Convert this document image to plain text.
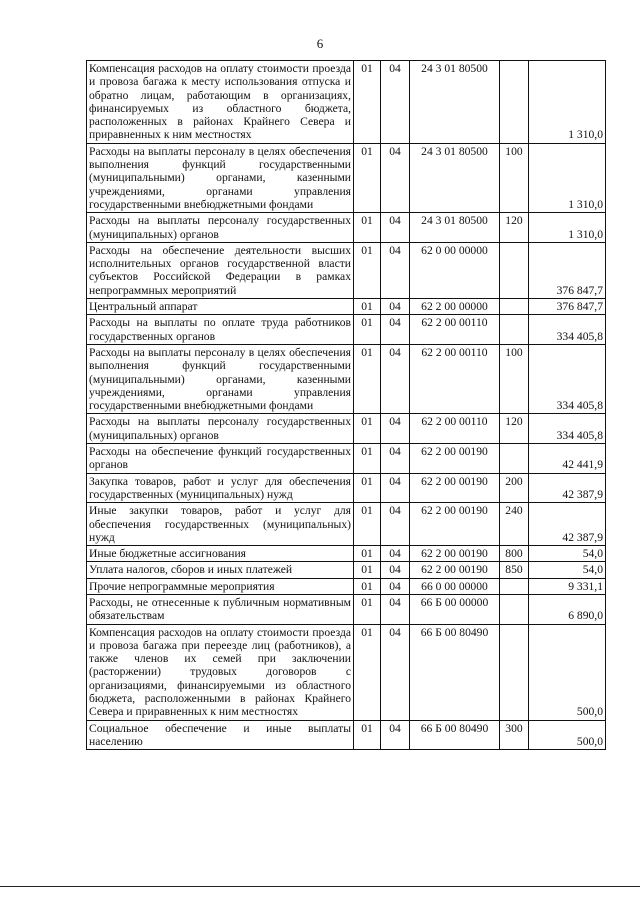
6
Компенсация расходов на оплату стоимости проезда и провоза багажа к месту использования отпуска и обратно лицам, работающим в организациях, финансируемых из областного бюджета, расположенных в районах Крайнего Севера и приравненных к ним местностях	01	04	24 3 01 80500		1 310,0
Расходы на выплаты персоналу в целях обеспечения выполнения функций государственными (муниципальными) органами, казенными учреждениями, органами управления государственными внебюджетными фондами	01	04	24 3 01 80500	100	1 310,0
Расходы на выплаты персоналу государственных (муниципальных) органов	01	04	24 3 01 80500	120	1 310,0
Расходы на обеспечение деятельности высших исполнительных органов государственной власти субъектов Российской Федерации в рамках непрограммных мероприятий	01	04	62 0 00 00000		376 847,7
Центральный аппарат	01	04	62 2 00 00000		376 847,7
Расходы на выплаты по оплате труда работников государственных органов	01	04	62 2 00 00110		334 405,8
Расходы на выплаты персоналу в целях обеспечения выполнения функций государственными (муниципальными) органами, казенными учреждениями, органами управления государственными внебюджетными фондами	01	04	62 2 00 00110	100	334 405,8
Расходы на выплаты персоналу государственных (муниципальных) органов	01	04	62 2 00 00110	120	334 405,8
Расходы на обеспечение функций государственных органов	01	04	62 2 00 00190		42 441,9
Закупка товаров, работ и услуг для обеспечения государственных (муниципальных) нужд	01	04	62 2 00 00190	200	42 387,9
Иные закупки товаров, работ и услуг для обеспечения государственных (муниципальных) нужд	01	04	62 2 00 00190	240	42 387,9
Иные бюджетные ассигнования	01	04	62 2 00 00190	800	54,0
Уплата налогов, сборов и иных платежей	01	04	62 2 00 00190	850	54,0
Прочие непрограммные мероприятия	01	04	66 0 00 00000		9 331,1
Расходы, не отнесенные к публичным нормативным обязательствам	01	04	66 Б 00 00000		6 890,0
Компенсация расходов на оплату стоимости проезда и провоза багажа при переезде лиц (работников), а также членов их семей при заключении (расторжении) трудовых договоров с организациями, финансируемыми из областного бюджета, расположенными в районах Крайнего Севера и приравненных к ним местностях	01	04	66 Б 00 80490		500,0
Социальное обеспечение и иные выплаты населению	01	04	66 Б 00 80490	300	500,0
